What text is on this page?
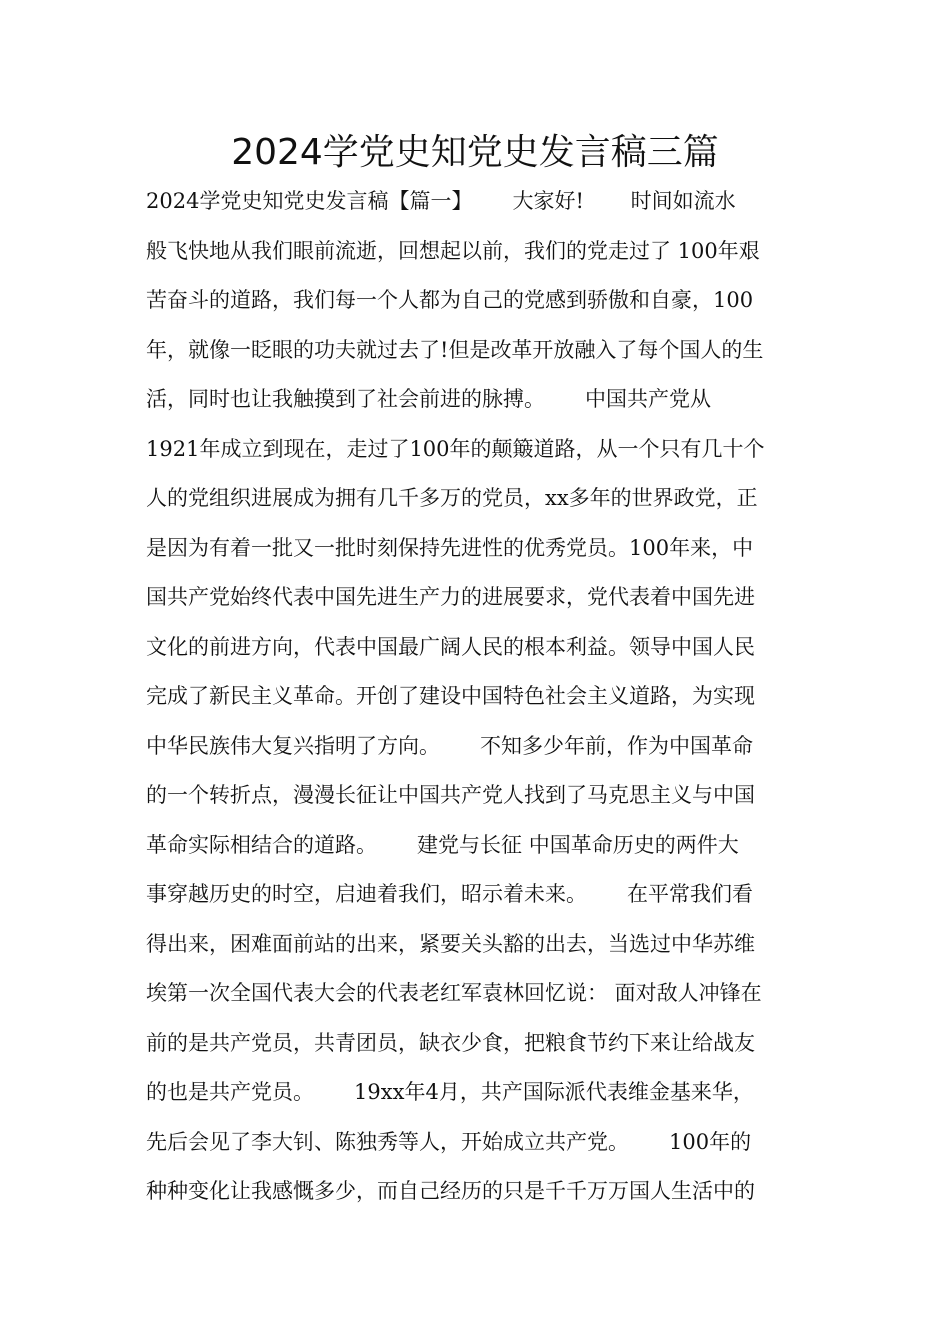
2024学党史知党史发言稿三篇
2024学党史知党史发言稿【篇一】      大家好!       时间如流水
般飞快地从我们眼前流逝，回想起以前，我们的党走过了 100年艰
苦奋斗的道路，我们每一个人都为自己的党感到骄傲和自豪，100
年，就像一眨眼的功夫就过去了!但是改革开放融入了每个国人的生
活，同时也让我触摸到了社会前进的脉搏。      中国共产党从
1921年成立到现在，走过了100年的颠簸道路，从一个只有几十个
人的党组织进展成为拥有几千多万的党员，xx多年的世界政党，正
是因为有着一批又一批时刻保持先进性的优秀党员。100年来，中
国共产党始终代表中国先进生产力的进展要求，党代表着中国先进
文化的前进方向，代表中国最广阔人民的根本利益。领导中国人民
完成了新民主义革命。开创了建设中国特色社会主义道路，为实现
中华民族伟大复兴指明了方向。      不知多少年前，作为中国革命
的一个转折点，漫漫长征让中国共产党人找到了马克思主义与中国
革命实际相结合的道路。      建党与长征 中国革命历史的两件大
事穿越历史的时空，启迪着我们，昭示着未来。      在平常我们看
得出来，困难面前站的出来，紧要关头豁的出去，当选过中华苏维
埃第一次全国代表大会的代表老红军袁林回忆说： 面对敌人冲锋在
前的是共产党员，共青团员，缺衣少食，把粮食节约下来让给战友
的也是共产党员。      19xx年4月，共产国际派代表维金基来华，
先后会见了李大钊、陈独秀等人，开始成立共产党。      100年的
种种变化让我感慨多少，而自己经历的只是千千万万国人生活中的
